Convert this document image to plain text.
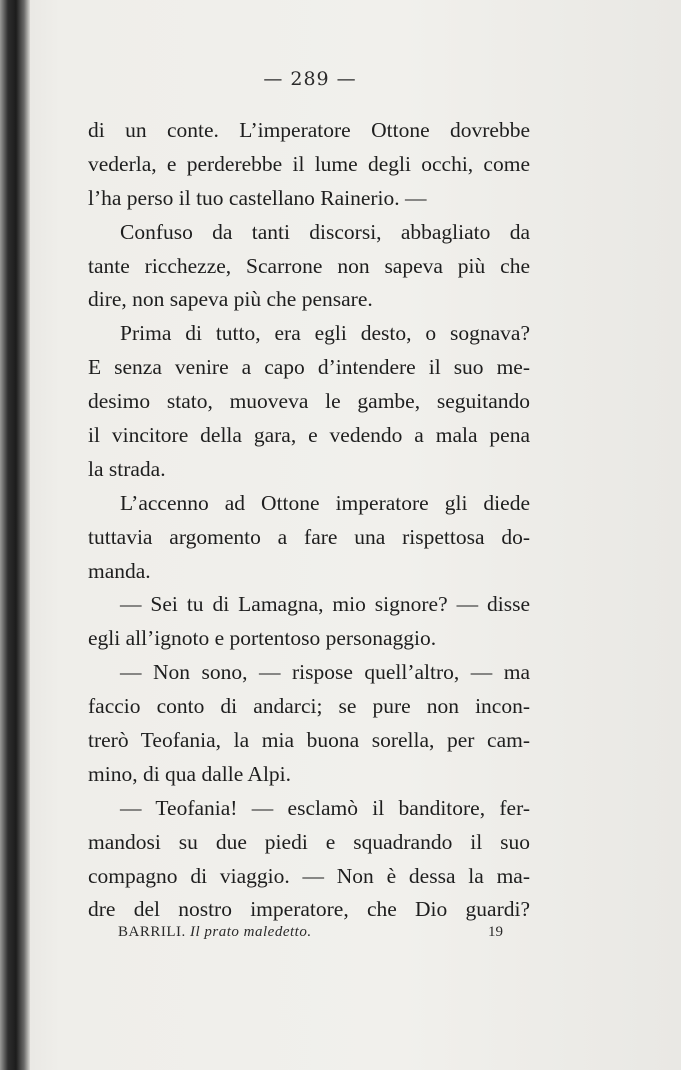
— 289 —
di un conte. L’imperatore Ottone dovrebbe
vederla, e perderebbe il lume degli occhi, come
l’ha perso il tuo castellano Rainerio. —
Confuso da tanti discorsi, abbagliato da
tante ricchezze, Scarrone non sapeva più che
dire, non sapeva più che pensare.
Prima di tutto, era egli desto, o sognava?
E senza venire a capo d’intendere il suo me-
desimo stato, muoveva le gambe, seguitando
il vincitore della gara, e vedendo a mala pena
la strada.
L’accenno ad Ottone imperatore gli diede
tuttavia argomento a fare una rispettosa do-
manda.
— Sei tu di Lamagna, mio signore? — disse
egli all’ignoto e portentoso personaggio.
— Non sono, — rispose quell’altro, — ma
faccio conto di andarci; se pure non incon-
trerò Teofania, la mia buona sorella, per cam-
mino, di qua dalle Alpi.
— Teofania! — esclamò il banditore, fer-
mandosi su due piedi e squadrando il suo
compagno di viaggio. — Non è dessa la ma-
dre del nostro imperatore, che Dio guardi?
BARRILI. Il prato maledetto.	19
